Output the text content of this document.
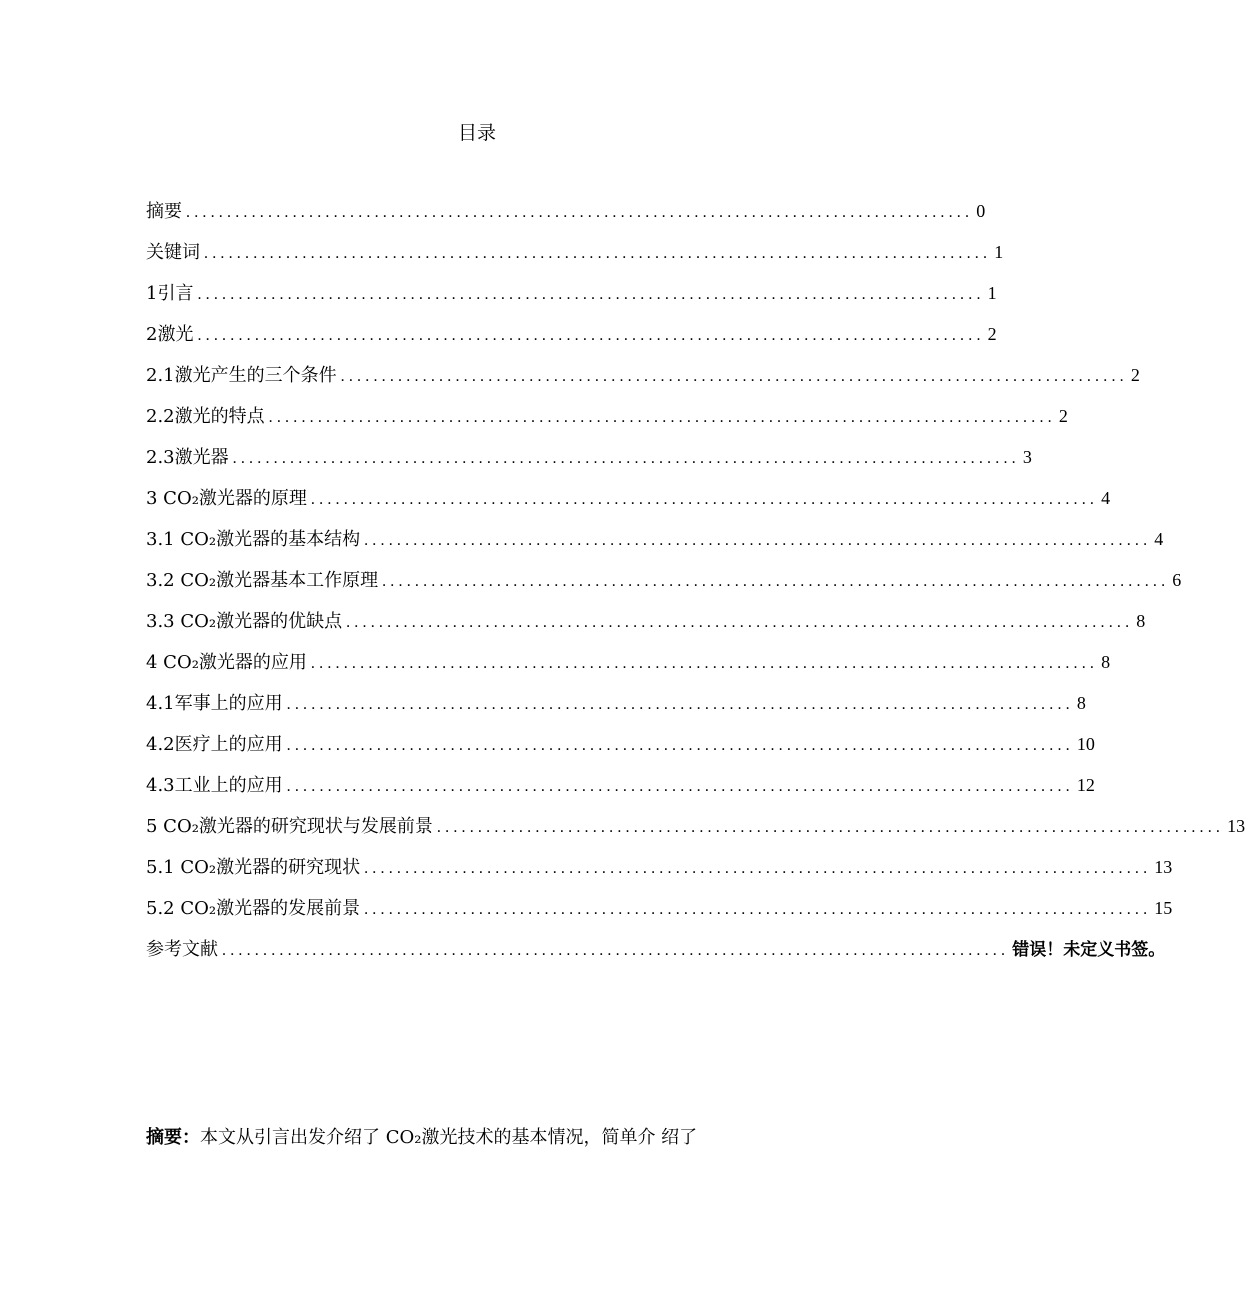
目录
摘要 ................................................................................................ 0
关键词 ................................................................................................ 1
1引言 ................................................................................................ 1
2激光 ................................................................................................ 2
2.1激光产生的三个条件 ................................................................................................ 2
2.2激光的特点 ................................................................................................ 2
2.3激光器 ................................................................................................ 3
3 CO₂激光器的原理 ................................................................................................ 4
3.1 CO₂激光器的基本结构 ................................................................................................ 4
3.2 CO₂激光器基本工作原理 ................................................................................................ 6
3.3 CO₂激光器的优缺点 ................................................................................................ 8
4 CO₂激光器的应用 ................................................................................................ 8
4.1军事上的应用 ................................................................................................ 8
4.2医疗上的应用 ................................................................................................ 10
4.3工业上的应用 ................................................................................................ 12
5 CO₂激光器的研究现状与发展前景 ................................................................................................ 13
5.1 CO₂激光器的研究现状 ................................................................................................ 13
5.2 CO₂激光器的发展前景 ................................................................................................ 15
参考文献 ................................................................................................ 错误！未定义书签。
摘要：本文从引言出发介绍了 CO₂激光技术的基本情况，简单介 绍了
